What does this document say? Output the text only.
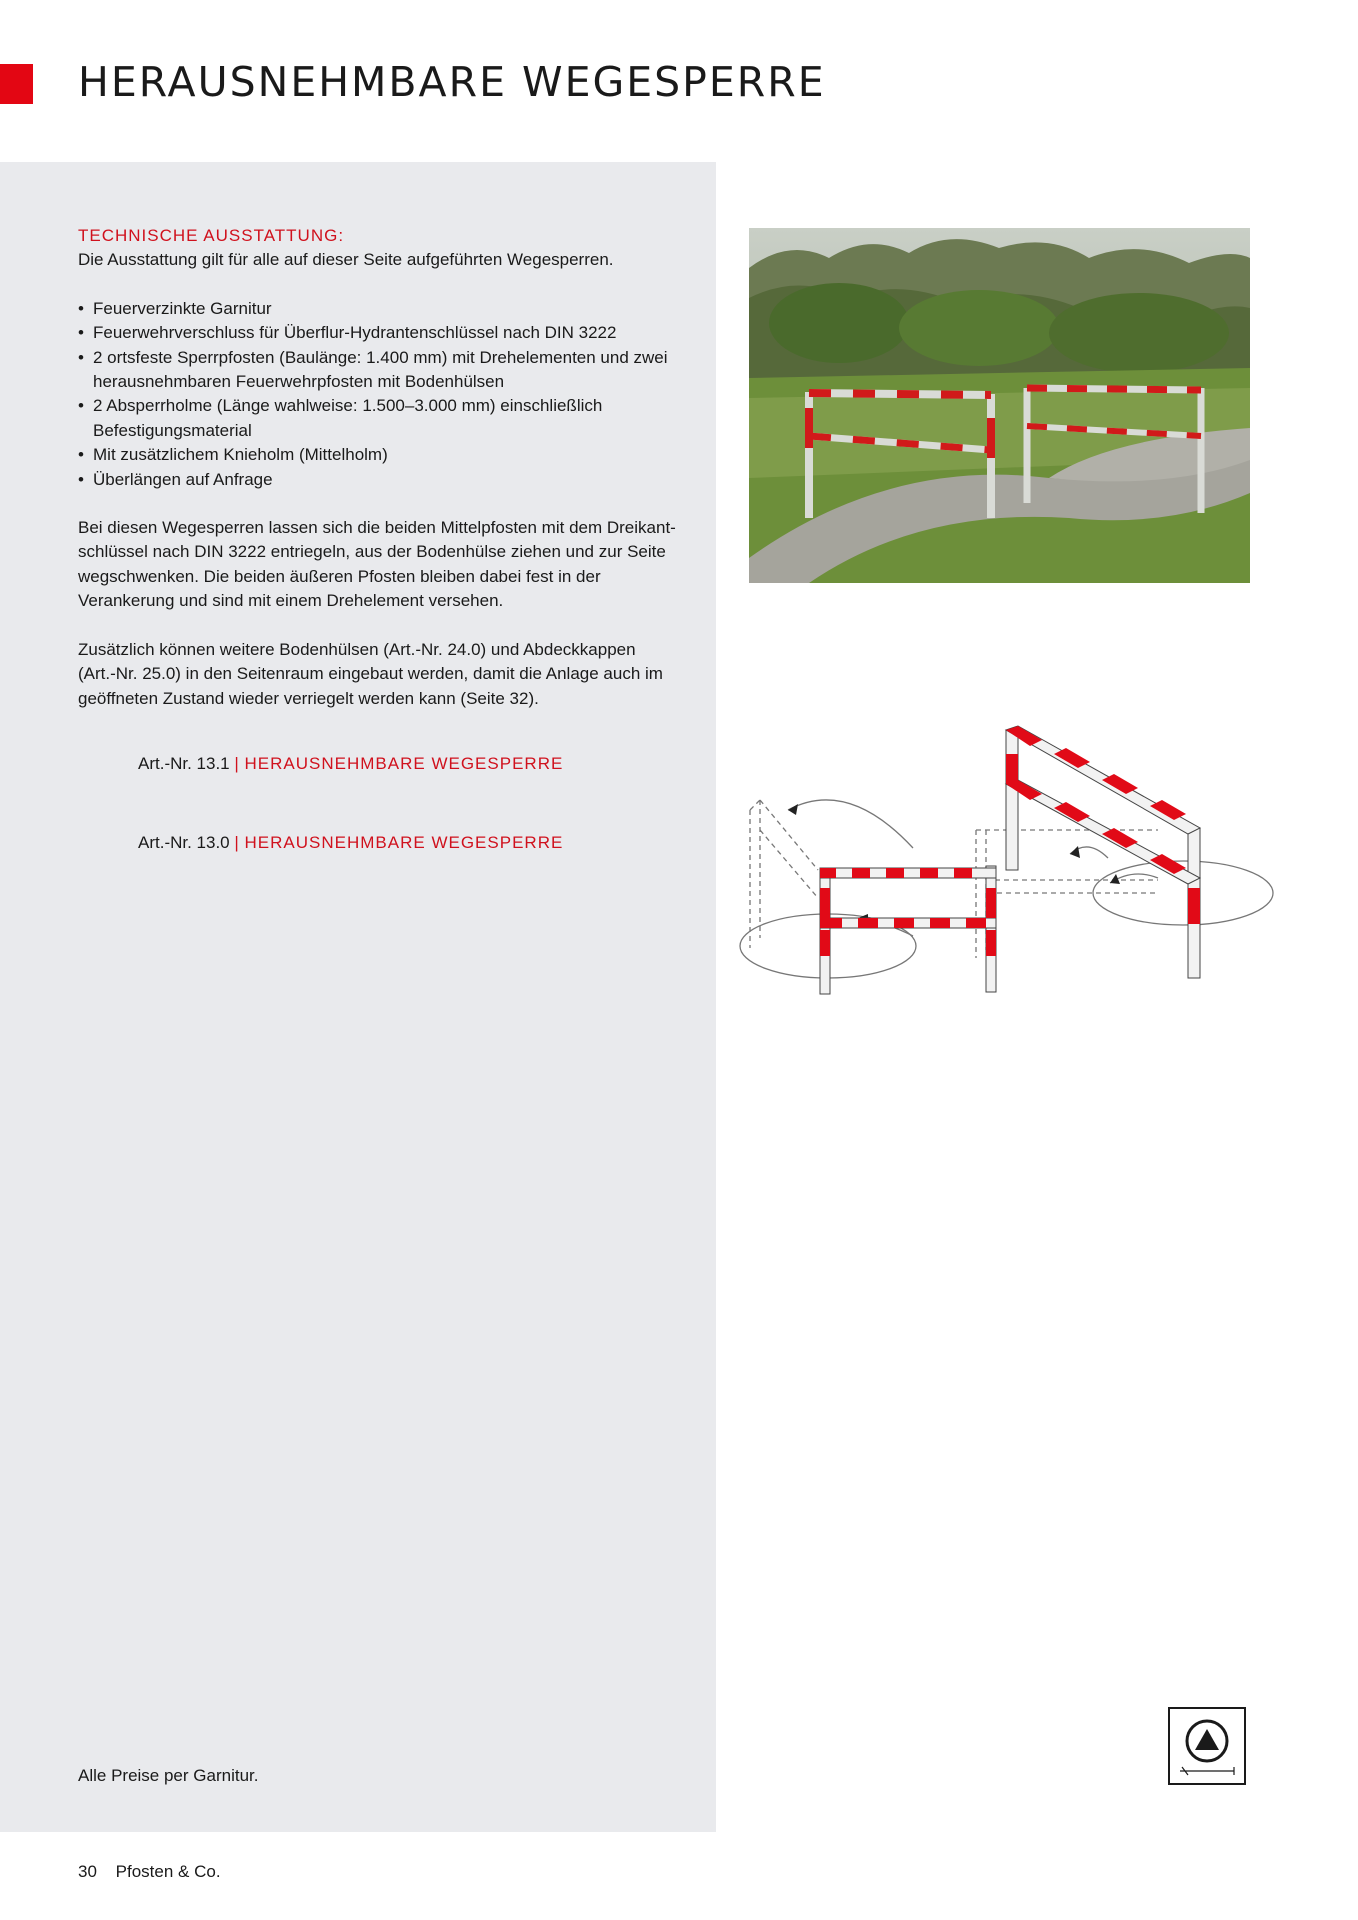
HERAUSNEHMBARE WEGESPERRE
TECHNISCHE AUSSTATTUNG:
Die Ausstattung gilt für alle auf dieser Seite aufgeführten Wegesperren.
• Feuerverzinkte Garnitur
• Feuerwehrverschluss für Überflur-Hydrantenschlüssel nach DIN 3222
• 2 ortsfeste Sperrpfosten (Baulänge: 1.400 mm) mit Drehelementen und zwei herausnehmbaren Feuerwehrpfosten mit Bodenhülsen
• 2 Absperrholme (Länge wahlweise: 1.500–3.000 mm) einschließlich Befestigungsmaterial
• Mit zusätzlichem Knieholm (Mittelholm)
• Überlängen auf Anfrage

Bei diesen Wegesperren lassen sich die beiden Mittelpfosten mit dem Dreikant-schlüssel nach DIN 3222 entriegeln, aus der Bodenhülse ziehen und zur Seite wegschwenken. Die beiden äußeren Pfosten bleiben dabei fest in der Verankerung und sind mit einem Drehelement versehen.

Zusätzlich können weitere Bodenhülsen (Art.-Nr. 24.0) und Abdeckkappen (Art.-Nr. 25.0) in den Seitenraum eingebaut werden, damit die Anlage auch im geöffneten Zustand wieder verriegelt werden kann (Seite 32).

Art.-Nr. 13.1 | HERAUSNEHMBARE WEGESPERRE
Art.-Nr. 13.0 | HERAUSNEHMBARE WEGESPERRE
Alle Preise per Garnitur.
30 Pfosten & Co.
